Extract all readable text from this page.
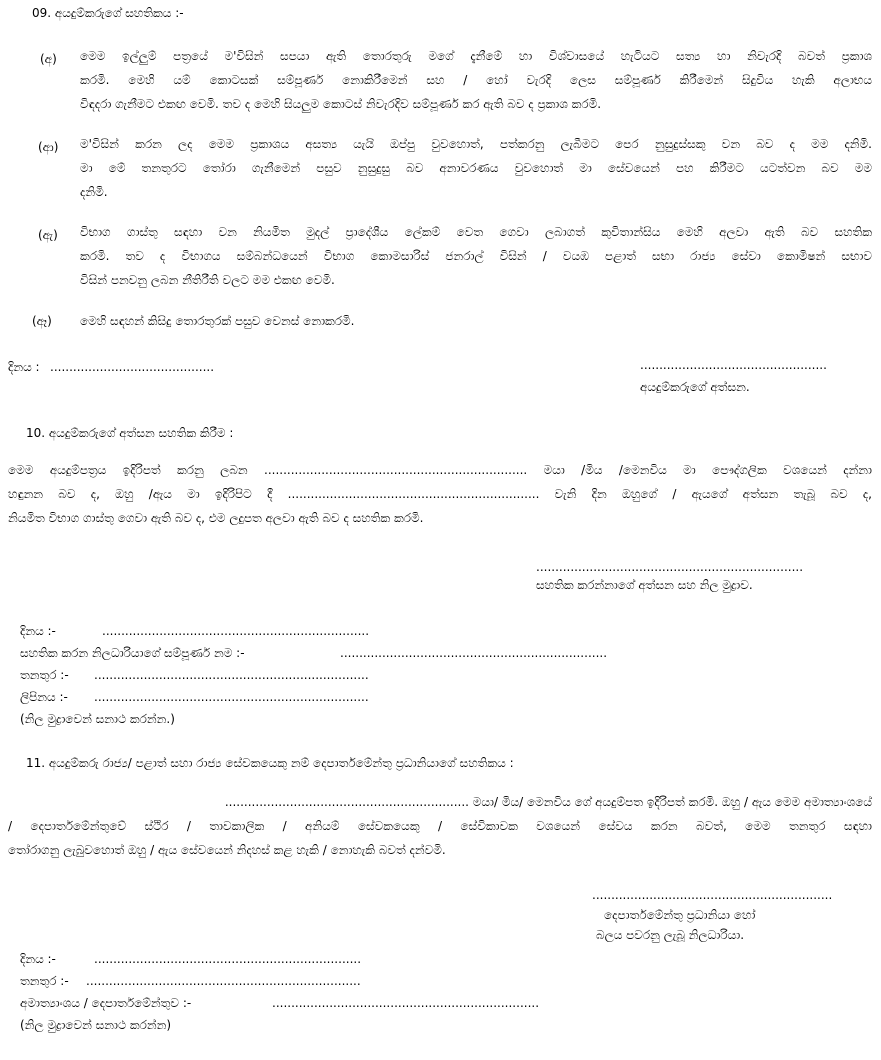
09. අයදුම්කරුගේ සහතිකය :-
(අ) මෙම ඉල්ලුම් පත්‍රයේ ම'විසින් සපයා ඇති තොරතුරු මගේ දැනීමේ හා විශ්වාසයේ හැටියට සත්‍ය හා නිවැරදි බවත් ප්‍රකාශ
කරමි. මෙහි යම් කොටසක් සම්පූර්ණ නොකිරීමෙන් සහ / හෝ වැරදි ලෙස සම්පූර්ණ කිරීමෙන් සිදුවිය හැකි අලාභය
විඳදරා ගැනීමට එකඟ වෙමි. තව ද මෙහි සියලුම කොටස් නිවැරදිව සම්පූර්ණ කර ඇති බව ද ප්‍රකාශ කරමි.
(ආ) ම'විසින් කරන ලද මෙම ප්‍රකාශය අසත්‍ය යැයි ඔප්පු වුවහොත්, පත්කරනු ලැබීමට පෙර නුසුදුස්සකු වන බව ද මම දනිමි.
මා මේ තනතුරට තෝරා ගැනීමෙන් පසුව නුසුදුසු බව අනාවරණය වුවහොත් මා සේවයෙන් පහ කිරීමට යටත්වන බව මම
දනිමි.
(ඇ) විභාග ගාස්තු සඳහා වන නියමිත මුදල් ප්‍රාදේශීය ලේකම් වෙත ගෙවා ලබාගත් කුවිතාන්සිය මෙහි අලවා ඇති බව සහතික
කරමි. තව ද විභාගය සම්බන්ධයෙන් විභාග කොමසාරිස් ජනරාල් විසින් / වයඹ පළාත් සභා රාජ්‍ය සේවා කොමිෂන් සභාව
විසින් පනවනු ලබන නීතිරීති වලට මම එකඟ වෙමි.
(ඈ) මෙහි සඳහන් කිසිදු තොරතුරක් පසුව වෙනස් නොකරමි.
දිනය : ...........................................	.................................................
අයදුම්කරුගේ අත්සන.
10. අයදුම්කරුගේ අත්සන සහතික කිරීම :
මෙම අයදුම්පත්‍රය ඉදිරිපත් කරනු ලබන ..................................................................... මයා /මිය /මෙනවිය මා පෞද්ගලික වශයෙන් දන්නා
හඳුනන බව ද, ඔහු /ඇය මා ඉදිරිපිට දී .................................................................. වැනි දින ඔහුගේ / ඇයගේ අත්සන තැබූ බව ද,
නියමිත විභාග ගාස්තු ගෙවා ඇති බව ද, එම ලදුපත අලවා ඇති බව ද සහතික කරමි.
......................................................................
සහතික කරන්නාගේ අත්සන සහ නිල මුද්‍රාව.
දිනය :-	......................................................................
සහතික කරන නිලධාරියාගේ සම්පූර්ණ නම :-	......................................................................
තනතුර :- ........................................................................
ලිපිනය :- ........................................................................
(නිල මුද්‍රාවෙන් සනාථ කරන්න.)
11. අයදුම්කරු රාජ්‍ය/ පළාත් සහා රාජ්‍ය සේවකයෙකු නම් දෙපාර්තමේන්තු ප්‍රධානියාගේ සහතිකය :
................................................................ මයා/ මිය/ මෙනවිය ගේ අයදුම්පත ඉදිරිපත් කරමි. ඔහු / ඇය මෙම අමාත්‍යාංශයේ
/ දෙපාර්තමේන්තුවේ ස්ථිර / තාවකාලික / අනියම් සේවකයෙකු / සේවිකාවක වශයෙන් සේවය කරන බවත්, මෙම තනතුර සඳහා
තෝරාගනු ලැබුවහොත් ඔහු / ඇය සේවයෙන් නිදහස් කළ හැකි / නොහැකි බවත් දන්වමි.
...............................................................
දෙපාර්තමේන්තු ප්‍රධානියා හෝ
බලය පවරනු ලැබූ නිලධාරියා.
දිනය :-	......................................................................
තනතුර :- ........................................................................
අමාත්‍යාංශය / දෙපාර්තමේන්තුව :-	......................................................................
(නිල මුද්‍රාවෙන් සනාථ කරන්න)
